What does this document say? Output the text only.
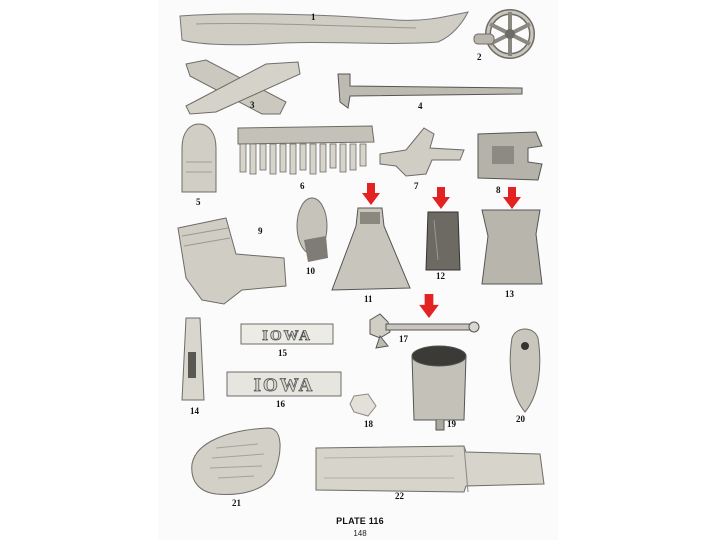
IOWA
IOWA
1
2
3	4
5
6	7	8
9
10
11
12
13
14
15
16
17
18	19	20
21
22
PLATE 116
148
